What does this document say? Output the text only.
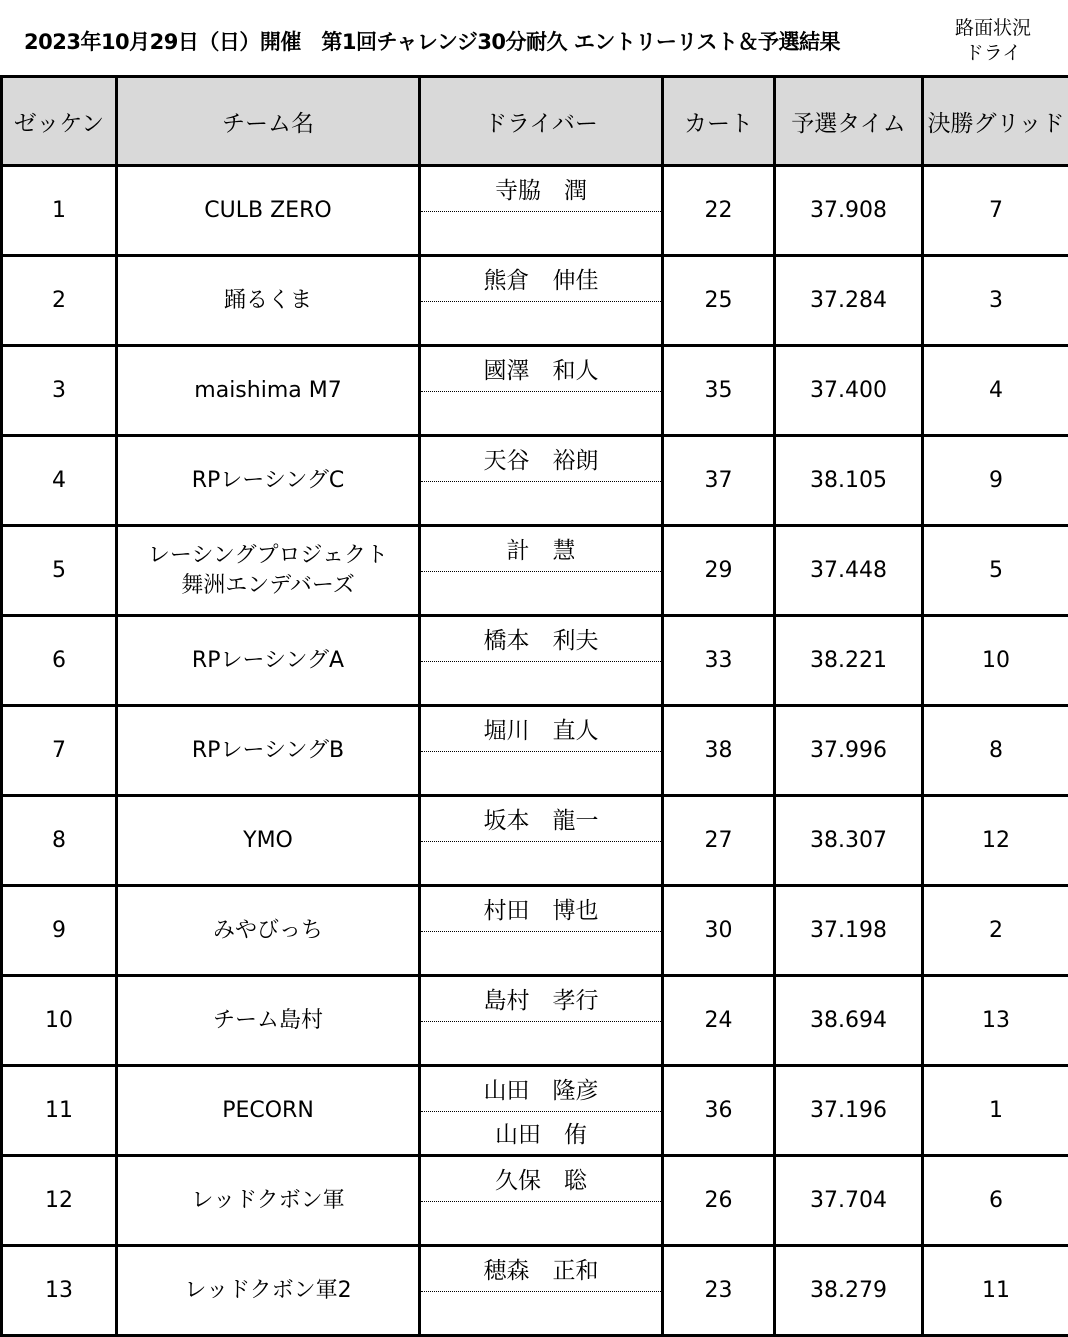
2023年10月29日（日）開催　第1回チャレンジ30分耐久 エントリーリスト＆予選結果
路面状況
ドライ
ゼッケン	チーム名	ドライバー	カート	予選タイム	決勝グリッド
1	CULB ZERO	寺脇　潤	22	37.908	7
2	踊るくま	熊倉　伸佳	25	37.284	3
3	maishima M7	國澤　和人	35	37.400	4
4	RPレーシングC	天谷　裕朗	37	38.105	9
5	レーシングプロジェクト
舞洲エンデバーズ	計　慧	29	37.448	5
6	RPレーシングA	橋本　利夫	33	38.221	10
7	RPレーシングB	堀川　直人	38	37.996	8
8	YMO	坂本　龍一	27	38.307	12
9	みやびっち	村田　博也	30	37.198	2
10	チーム島村	島村　孝行	24	38.694	13
11	PECORN	山田　隆彦
山田　侑	36	37.196	1
12	レッドクボン軍	久保　聡	26	37.704	6
13	レッドクボン軍2	穂森　正和	23	38.279	11
